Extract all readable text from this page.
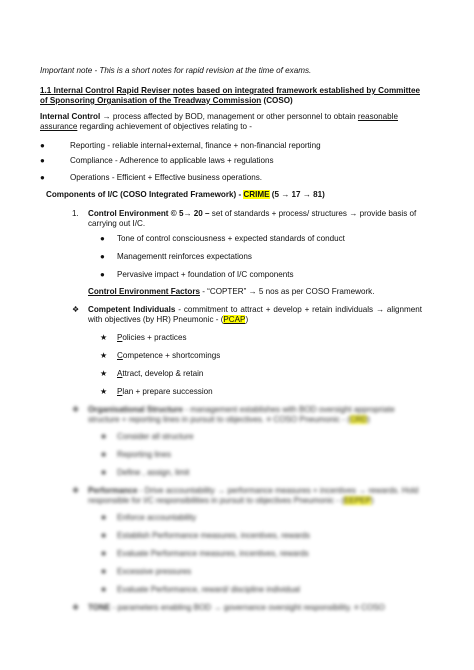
Important note - This is a short notes for rapid revision at the time of exams.
1.1 Internal Control Rapid Reviser notes based on integrated framework established by Committee of Sponsoring Organisation of the Treadway Commission (COSO)
Internal Control → process affected by BOD, management or other personnel to obtain reasonable assurance regarding achievement of objectives relating to -
●	Reporting - reliable internal+external, finance + non-financial reporting
●	Compliance - Adherence to applicable laws + regulations
●	Operations - Efficient + Effective business operations.
Components of I/C (COSO Integrated Framework) - CRIME (5 → 17 → 81)
1. Control Environment © 5→ 20 – set of standards + process/ structures → provide basis of carrying out I/C.
● Tone of control consciousness + expected standards of conduct
● Managementt reinforces expectations
● Pervasive impact + foundation of I/C components
Control Environment Factors - “COPTER” → 5 nos as per COSO Framework.
❖ Competent Individuals - commitment to attract + develop + retain individuals → alignment with objectives (by HR) Pneumonic - (PCAP)
★ Policies + practices
★ Competence + shortcomings
★ Attract, develop & retain
★ Plan + prepare succession
❖ Organisational Structure - management establishes with BOD oversight appropriate structure + reporting lines in pursuit to objectives. ≡ COSO Pneumonic - (CRD)
★ Consider all structure
★ Reporting lines
★ Define , assign, limit
❖ Performance - Drive accountability → performance measures + incentives → rewards. Hold responsible for I/C responsibilities in pursuit to objectives Pneumonic - (EEPEP)
★ Enforce accountability
★ Establish Performance measures, incentives, rewards
★ Evaluate Performance measures, incentives, rewards
★ Excessive pressures
★ Evaluate Performance, reward/ discipline individual
❖ TONE - parameters enabling BOD → governance oversight responsibility. ≡ COSO
